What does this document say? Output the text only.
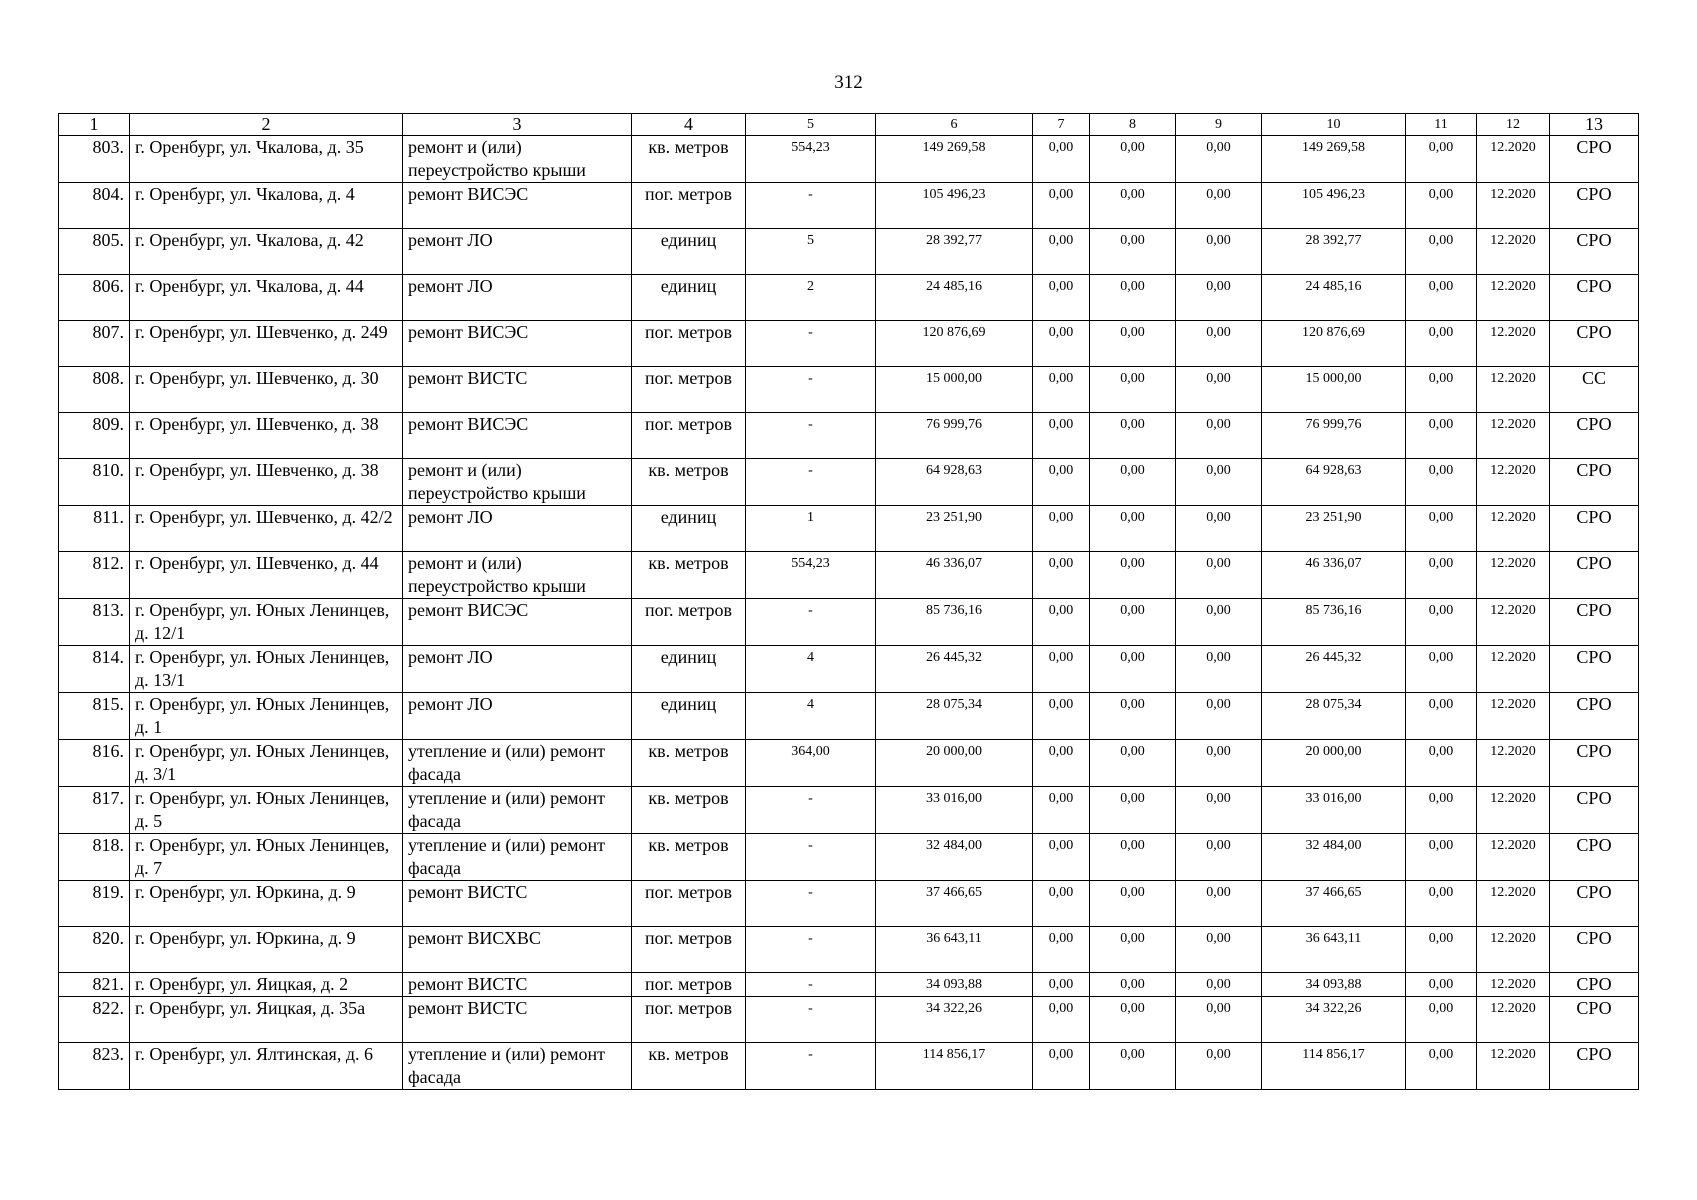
312
1	2	3	4	5	6	7	8	9	10	11	12	13
803.	г. Оренбург, ул. Чкалова, д. 35	ремонт и (или) переустройство крыши	кв. метров	554,23	149 269,58	0,00	0,00	0,00	149 269,58	0,00	12.2020	СРО
804.	г. Оренбург, ул. Чкалова, д. 4	ремонт ВИСЭС	пог. метров	-	105 496,23	0,00	0,00	0,00	105 496,23	0,00	12.2020	СРО
805.	г. Оренбург, ул. Чкалова, д. 42	ремонт ЛО	единиц	5	28 392,77	0,00	0,00	0,00	28 392,77	0,00	12.2020	СРО
806.	г. Оренбург, ул. Чкалова, д. 44	ремонт ЛО	единиц	2	24 485,16	0,00	0,00	0,00	24 485,16	0,00	12.2020	СРО
807.	г. Оренбург, ул. Шевченко, д. 249	ремонт ВИСЭС	пог. метров	-	120 876,69	0,00	0,00	0,00	120 876,69	0,00	12.2020	СРО
808.	г. Оренбург, ул. Шевченко, д. 30	ремонт ВИСТС	пог. метров	-	15 000,00	0,00	0,00	0,00	15 000,00	0,00	12.2020	СС
809.	г. Оренбург, ул. Шевченко, д. 38	ремонт ВИСЭС	пог. метров	-	76 999,76	0,00	0,00	0,00	76 999,76	0,00	12.2020	СРО
810.	г. Оренбург, ул. Шевченко, д. 38	ремонт и (или) переустройство крыши	кв. метров	-	64 928,63	0,00	0,00	0,00	64 928,63	0,00	12.2020	СРО
811.	г. Оренбург, ул. Шевченко, д. 42/2	ремонт ЛО	единиц	1	23 251,90	0,00	0,00	0,00	23 251,90	0,00	12.2020	СРО
812.	г. Оренбург, ул. Шевченко, д. 44	ремонт и (или) переустройство крыши	кв. метров	554,23	46 336,07	0,00	0,00	0,00	46 336,07	0,00	12.2020	СРО
813.	г. Оренбург, ул. Юных Ленинцев, д. 12/1	ремонт ВИСЭС	пог. метров	-	85 736,16	0,00	0,00	0,00	85 736,16	0,00	12.2020	СРО
814.	г. Оренбург, ул. Юных Ленинцев, д. 13/1	ремонт ЛО	единиц	4	26 445,32	0,00	0,00	0,00	26 445,32	0,00	12.2020	СРО
815.	г. Оренбург, ул. Юных Ленинцев, д. 1	ремонт ЛО	единиц	4	28 075,34	0,00	0,00	0,00	28 075,34	0,00	12.2020	СРО
816.	г. Оренбург, ул. Юных Ленинцев, д. 3/1	утепление и (или) ремонт фасада	кв. метров	364,00	20 000,00	0,00	0,00	0,00	20 000,00	0,00	12.2020	СРО
817.	г. Оренбург, ул. Юных Ленинцев, д. 5	утепление и (или) ремонт фасада	кв. метров	-	33 016,00	0,00	0,00	0,00	33 016,00	0,00	12.2020	СРО
818.	г. Оренбург, ул. Юных Ленинцев, д. 7	утепление и (или) ремонт фасада	кв. метров	-	32 484,00	0,00	0,00	0,00	32 484,00	0,00	12.2020	СРО
819.	г. Оренбург, ул. Юркина, д. 9	ремонт ВИСТС	пог. метров	-	37 466,65	0,00	0,00	0,00	37 466,65	0,00	12.2020	СРО
820.	г. Оренбург, ул. Юркина, д. 9	ремонт ВИСХВС	пог. метров	-	36 643,11	0,00	0,00	0,00	36 643,11	0,00	12.2020	СРО
821.	г. Оренбург, ул. Яицкая, д. 2	ремонт ВИСТС	пог. метров	-	34 093,88	0,00	0,00	0,00	34 093,88	0,00	12.2020	СРО
822.	г. Оренбург, ул. Яицкая, д. 35а	ремонт ВИСТС	пог. метров	-	34 322,26	0,00	0,00	0,00	34 322,26	0,00	12.2020	СРО
823.	г. Оренбург, ул. Ялтинская, д. 6	утепление и (или) ремонт фасада	кв. метров	-	114 856,17	0,00	0,00	0,00	114 856,17	0,00	12.2020	СРО
